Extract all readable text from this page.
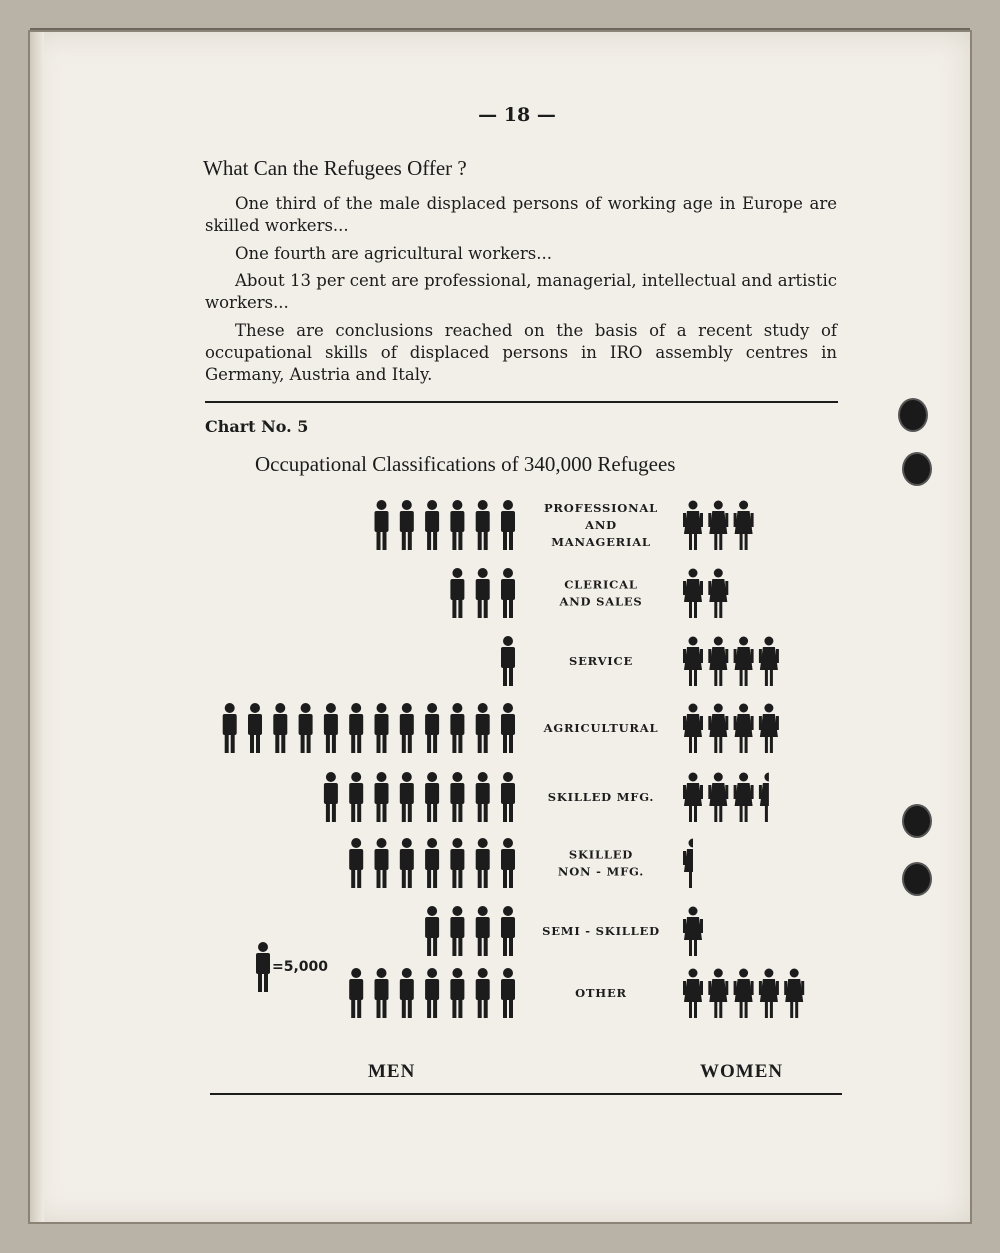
— 18 —

What Can the Refugees Offer ?

One third of the male displaced persons of working age in Europe are skilled workers...

One fourth are agricultural workers...

About 13 per cent are professional, managerial, intellectual and artistic workers...

These are conclusions reached on the basis of a recent study of occupational skills of displaced persons in IRO assembly centres in Germany, Austria and Italy.

Chart No. 5

Occupational Classifications of 340,000 Refugees

PROFESSIONAL
AND
MANAGERIAL
CLERICAL
AND SALES
SERVICE
AGRICULTURAL
SKILLED MFG.
SKILLED
NON - MFG.
SEMI - SKILLED
OTHER
MEN	WOMEN
=5,000
